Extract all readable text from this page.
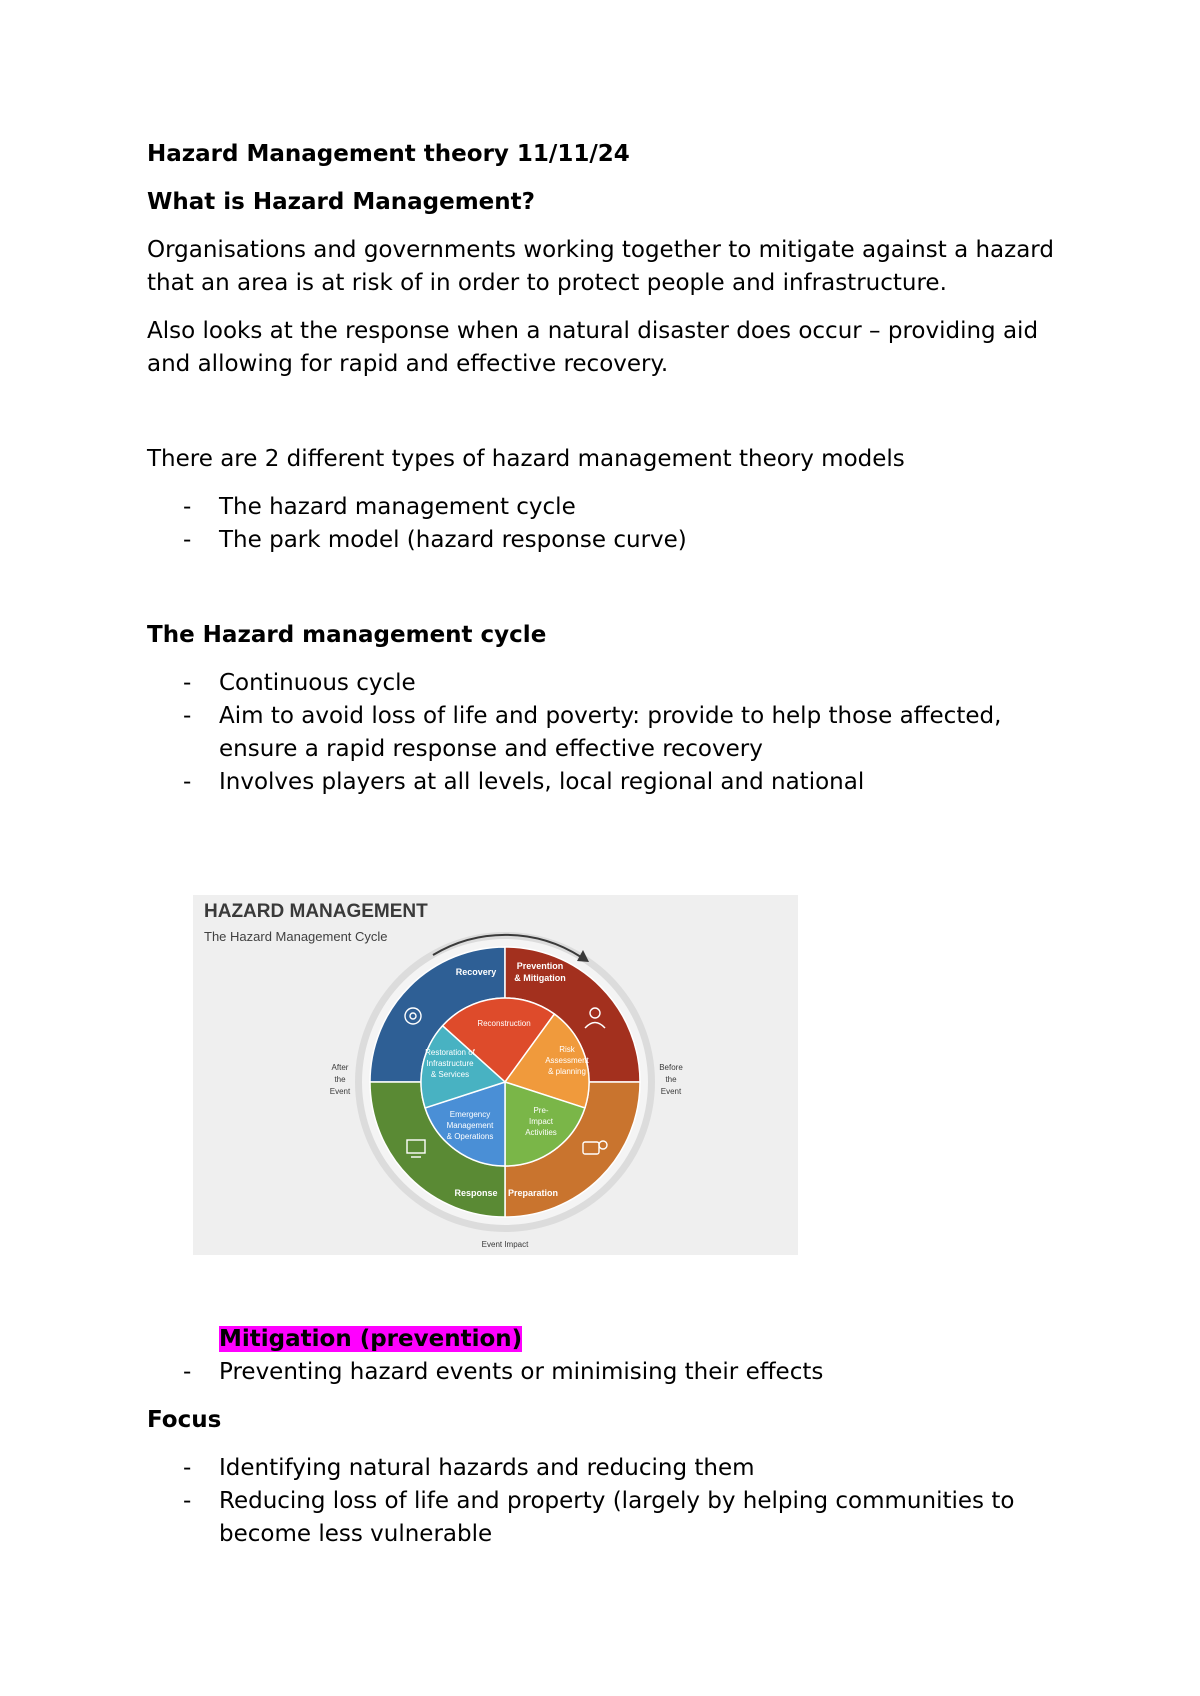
Hazard Management theory 11/11/24

What is Hazard Management?

Organisations and governments working together to mitigate against a hazard that an area is at risk of in order to protect people and infrastructure.

Also looks at the response when a natural disaster does occur – providing aid and allowing for rapid and effective recovery.

There are 2 different types of hazard management theory models

- The hazard management cycle
- The park model (hazard response curve)

The Hazard management cycle

- Continuous cycle
- Aim to avoid loss of life and poverty: provide to help those affected, ensure a rapid response and effective recovery
- Involves players at all levels, local regional and national
HAZARD MANAGEMENT
The Hazard Management Cycle
Recovery
Prevention
& Mitigation
Response Preparation
Reconstruction
Risk
Assessment
& planning
Pre-
Impact
Activities
Emergency
Management
& Operations
Restoration of
Infrastructure
& Services
After
the
Event
Before
the
Event
Event Impact
Mitigation (prevention)
- Preventing hazard events or minimising their effects

Focus

- Identifying natural hazards and reducing them
- Reducing loss of life and property (largely by helping communities to become less vulnerable
